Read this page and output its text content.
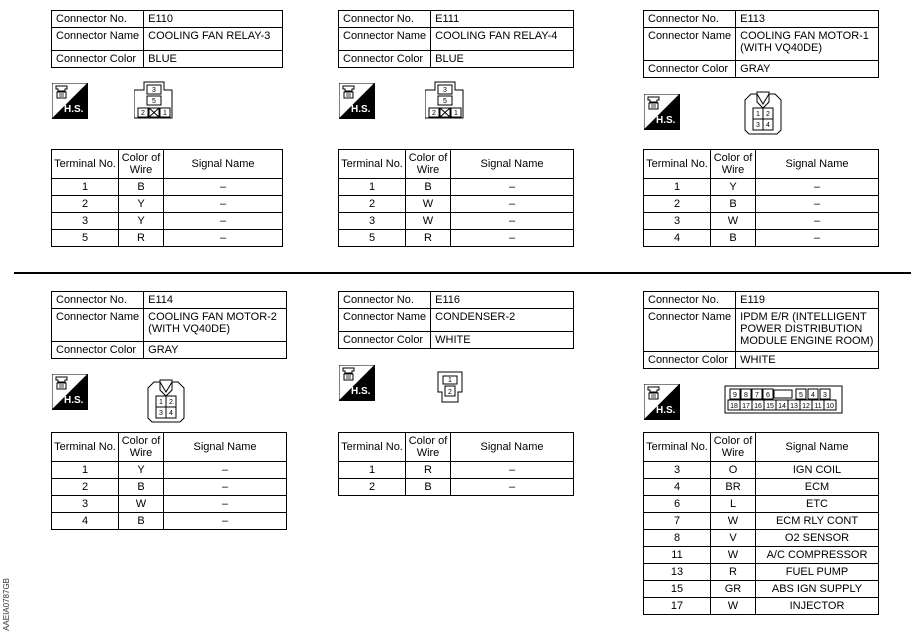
Connector No.	E110
Connector Name	COOLING FAN RELAY-3
Connector Color	BLUE
H.S.
3
5
2	1
Terminal No.	Color of Wire	Signal Name
1	B	–
2	Y	–
3	Y	–
5	R	–
Connector No.	E111
Connector Name	COOLING FAN RELAY-4
Connector Color	BLUE
H.S.
3
5
2	1
Terminal No.	Color of Wire	Signal Name
1	B	–
2	W	–
3	W	–
5	R	–
Connector No.	E113
Connector Name	COOLING FAN MOTOR-1 (WITH VQ40DE)
Connector Color	GRAY
H.S.
1 2
3 4
Terminal No.	Color of Wire	Signal Name
1	Y	–
2	B	–
3	W	–
4	B	–
Connector No.	E114
Connector Name	COOLING FAN MOTOR-2 (WITH VQ40DE)
Connector Color	GRAY
H.S.	1 2
3 4
Terminal No.	Color of Wire	Signal Name
1	Y	–
2	B	–
3	W	–
4	B	–
Connector No.	E116
Connector Name	CONDENSER-2
Connector Color	WHITE
H.S.
1
2
Terminal No.	Color of Wire	Signal Name
1	R	–
2	B	–
Connector No.	E119
Connector Name	IPDM E/R (INTELLIGENT POWER DISTRIBUTION MODULE ENGINE ROOM)
Connector Color	WHITE
H.S.
9 8 7 6	5 4 3
18 17 16 15 14 13 12 11 10
Terminal No.	Color of Wire	Signal Name
3	O	IGN COIL
4	BR	ECM
6	L	ETC
7	W	ECM RLY CONT
8	V	O2 SENSOR
11	W	A/C COMPRESSOR
13	R	FUEL PUMP
15	GR	ABS IGN SUPPLY
17	W	INJECTOR
AAEIA0787GB
